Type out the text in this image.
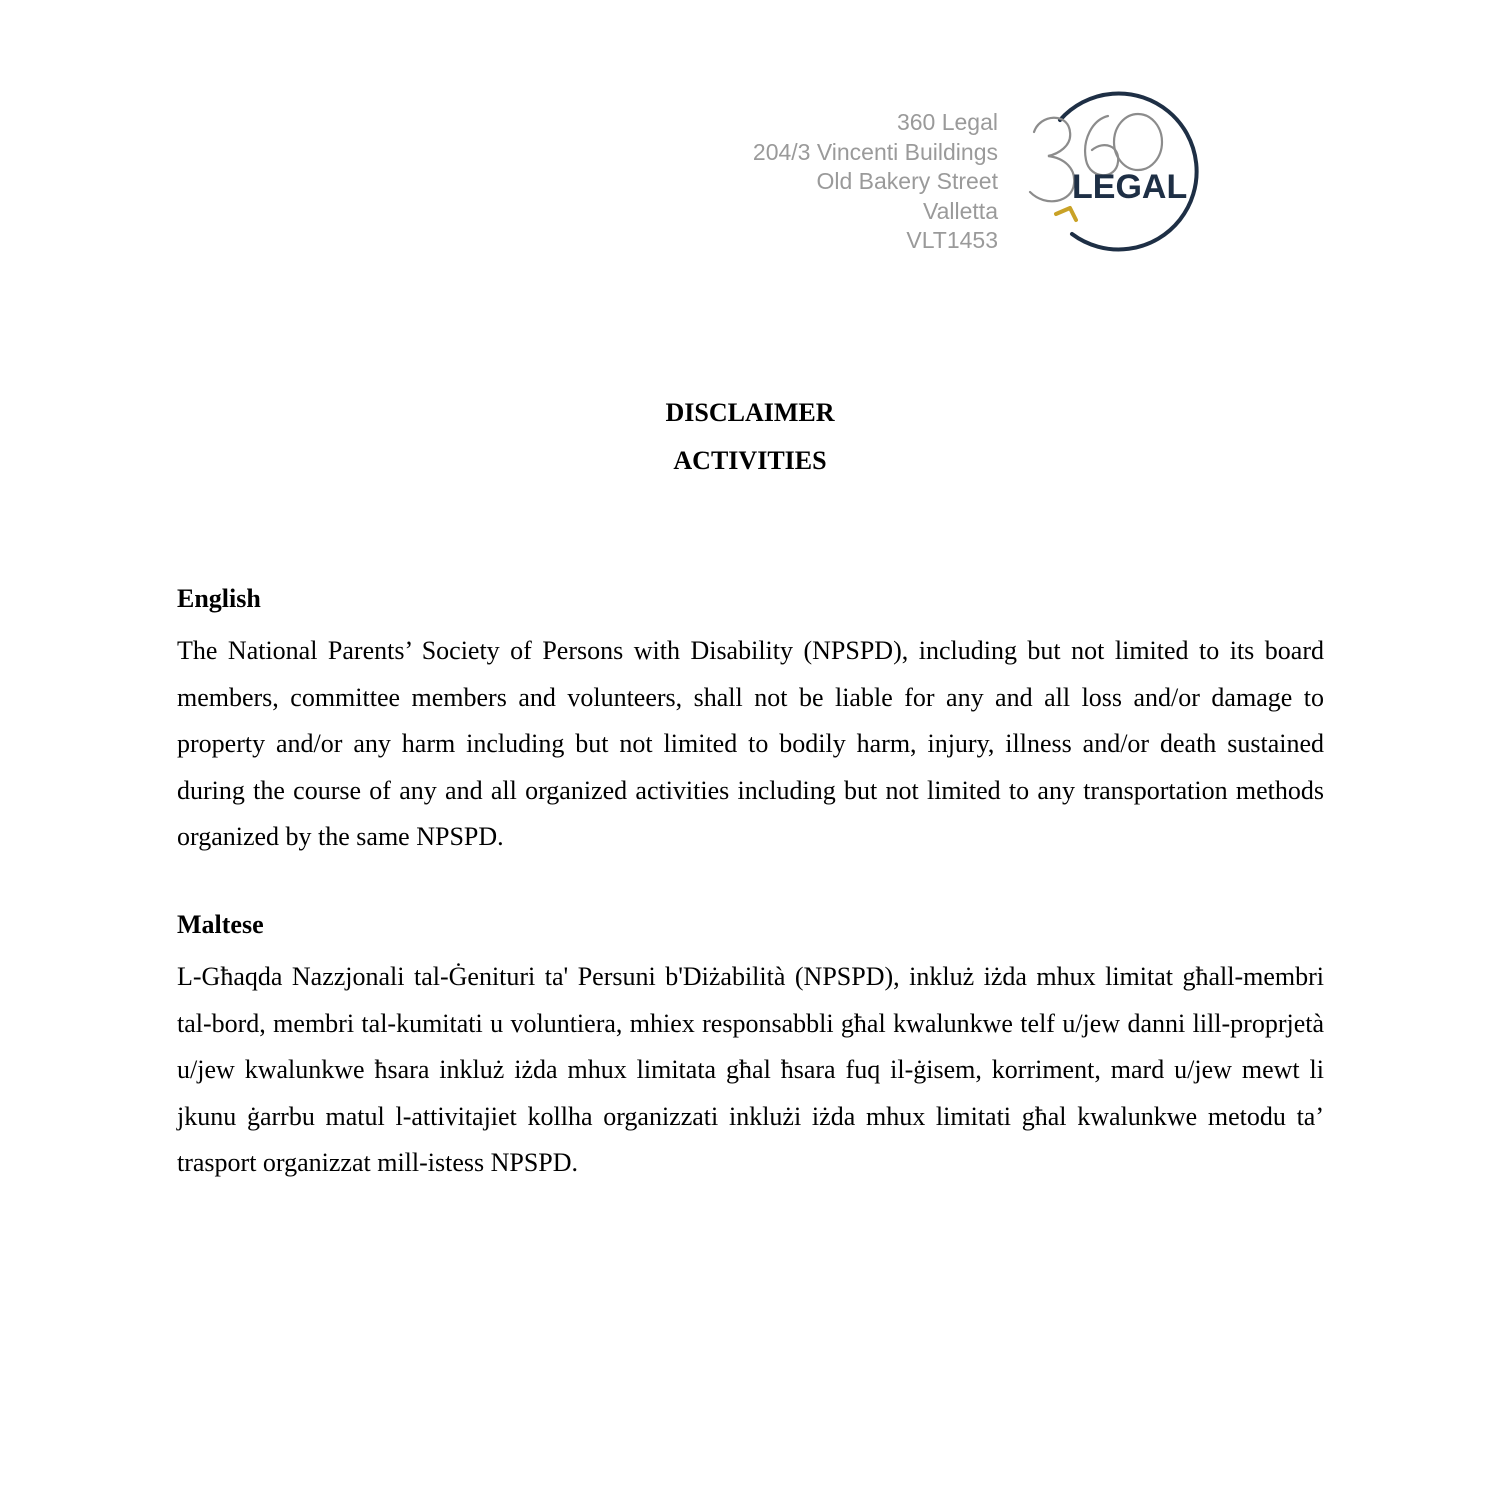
360 Legal
204/3 Vincenti Buildings
Old Bakery Street
Valletta
VLT1453
LEGAL
DISCLAIMER
ACTIVITIES
English

The National Parents’ Society of Persons with Disability (NPSPD), including but not limited to its board members, committee members and volunteers, shall not be liable for any and all loss and/or damage to property and/or any harm including but not limited to bodily harm, injury, illness and/or death sustained during the course of any and all organized activities including but not limited to any transportation methods organized by the same NPSPD.

Maltese

L-Għaqda Nazzjonali tal-Ġenituri ta' Persuni b'Diżabilità (NPSPD), inkluż iżda mhux limitat għall-membri tal-bord, membri tal-kumitati u voluntiera, mhiex responsabbli għal kwalunkwe telf u/jew danni lill-proprjetà u/jew kwalunkwe ħsara inkluż iżda mhux limitata għal ħsara fuq il-ġisem, korriment, mard u/jew mewt li jkunu ġarrbu matul l-attivitajiet kollha organizzati inklużi iżda mhux limitati għal kwalunkwe metodu ta’ trasport organizzat mill-istess NPSPD.
